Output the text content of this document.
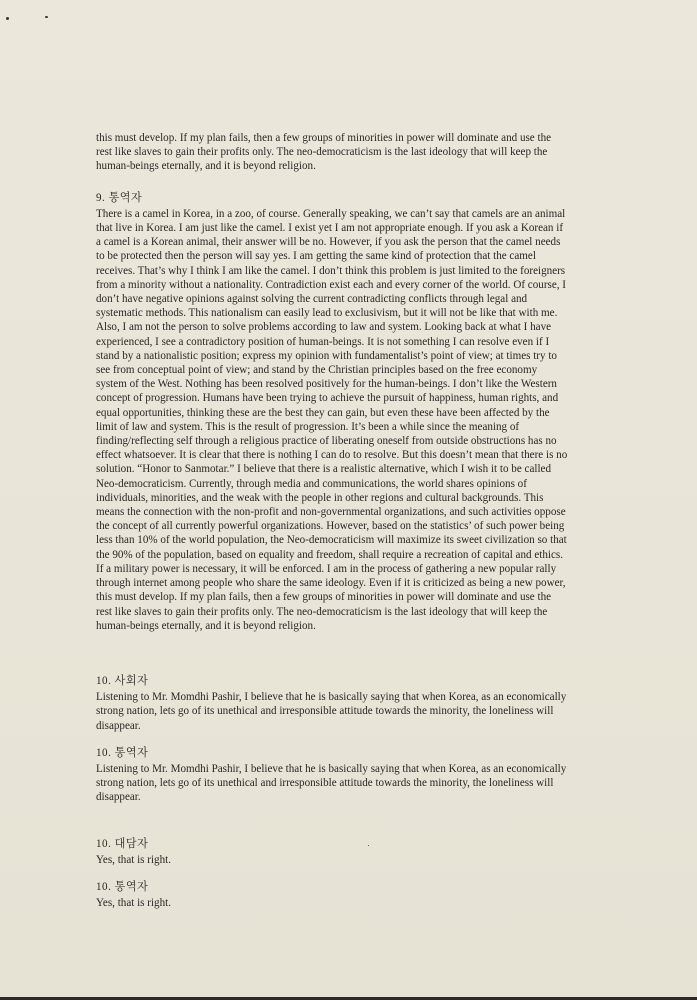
this must develop. If my plan fails, then a few groups of minorities in power will dominate and use the
rest like slaves to gain their profits only. The neo-democraticism is the last ideology that will keep the
human-beings eternally, and it is beyond religion.

9. 통역자

There is a camel in Korea, in a zoo, of course. Generally speaking, we can’t say that camels are an animal
that live in Korea. I am just like the camel. I exist yet I am not appropriate enough. If you ask a Korean if
a camel is a Korean animal, their answer will be no. However, if you ask the person that the camel needs
to be protected then the person will say yes. I am getting the same kind of protection that the camel
receives. That’s why I think I am like the camel. I don’t think this problem is just limited to the foreigners
from a minority without a nationality. Contradiction exist each and every corner of the world. Of course, I
don’t have negative opinions against solving the current contradicting conflicts through legal and
systematic methods. This nationalism can easily lead to exclusivism, but it will not be like that with me.
Also, I am not the person to solve problems according to law and system. Looking back at what I have
experienced, I see a contradictory position of human-beings. It is not something I can resolve even if I
stand by a nationalistic position; express my opinion with fundamentalist’s point of view; at times try to
see from conceptual point of view; and stand by the Christian principles based on the free economy
system of the West. Nothing has been resolved positively for the human-beings. I don’t like the Western
concept of progression. Humans have been trying to achieve the pursuit of happiness, human rights, and
equal opportunities, thinking these are the best they can gain, but even these have been affected by the
limit of law and system. This is the result of progression. It’s been a while since the meaning of
finding/reflecting self through a religious practice of liberating oneself from outside obstructions has no
effect whatsoever. It is clear that there is nothing I can do to resolve. But this doesn’t mean that there is no
solution. “Honor to Sanmotar.” I believe that there is a realistic alternative, which I wish it to be called
Neo-democraticism. Currently, through media and communications, the world shares opinions of
individuals, minorities, and the weak with the people in other regions and cultural backgrounds. This
means the connection with the non-profit and non-governmental organizations, and such activities oppose
the concept of all currently powerful organizations. However, based on the statistics’ of such power being
less than 10% of the world population, the Neo-democraticism will maximize its sweet civilization so that
the 90% of the population, based on equality and freedom, shall require a recreation of capital and ethics.
If a military power is necessary, it will be enforced. I am in the process of gathering a new popular rally
through internet among people who share the same ideology. Even if it is criticized as being a new power,
this must develop. If my plan fails, then a few groups of minorities in power will dominate and use the
rest like slaves to gain their profits only. The neo-democraticism is the last ideology that will keep the
human-beings eternally, and it is beyond religion.

10. 사회자

Listening to Mr. Momdhi Pashir, I believe that he is basically saying that when Korea, as an economically
strong nation, lets go of its unethical and irresponsible attitude towards the minority, the loneliness will
disappear.

10. 통역자

Listening to Mr. Momdhi Pashir, I believe that he is basically saying that when Korea, as an economically
strong nation, lets go of its unethical and irresponsible attitude towards the minority, the loneliness will
disappear.

10. 대담자

Yes, that is right.

10. 통역자

Yes, that is right.
